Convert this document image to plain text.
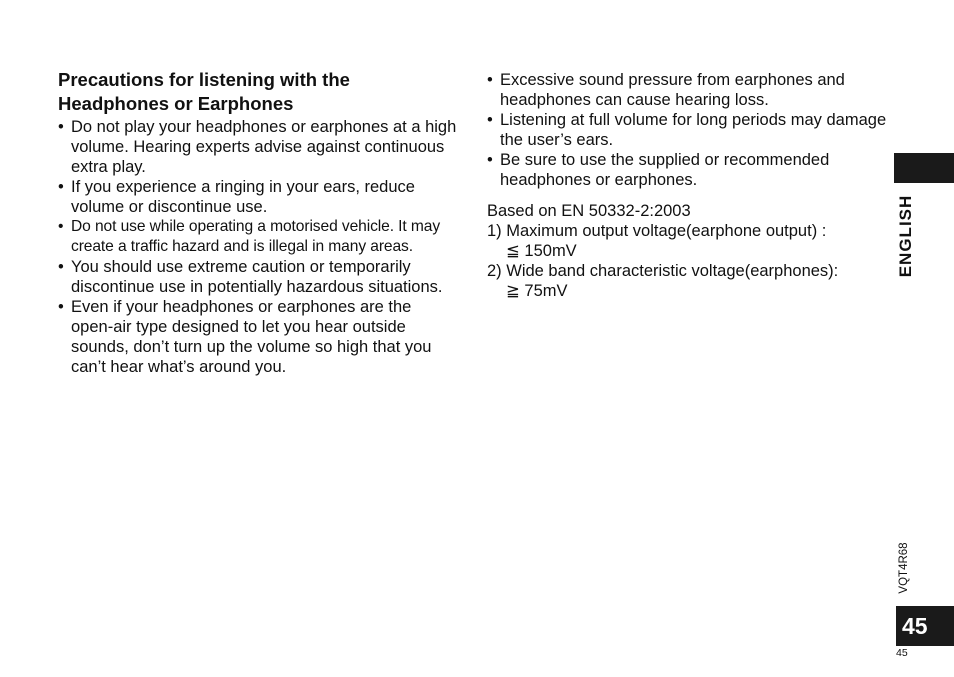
Precautions for listening with the
Headphones or Earphones
• Do not play your headphones or earphones at a high volume. Hearing experts advise against continuous extra play.
• If you experience a ringing in your ears, reduce volume or discontinue use.
• Do not use while operating a motorised vehicle. It may create a traffic hazard and is illegal in many areas.
• You should use extreme caution or temporarily discontinue use in potentially hazardous situations.
• Even if your headphones or earphones are the open-air type designed to let you hear outside sounds, don’t turn up the volume so high that you can’t hear what’s around you.
• Excessive sound pressure from earphones and headphones can cause hearing loss.
• Listening at full volume for long periods may damage the user’s ears.
• Be sure to use the supplied or recommended headphones or earphones.
Based on EN 50332-2:2003
1) Maximum output voltage(earphone output) :
≦ 150mV
2) Wide band characteristic voltage(earphones):
≧ 75mV
ENGLISH
VQT4R68
45
45
